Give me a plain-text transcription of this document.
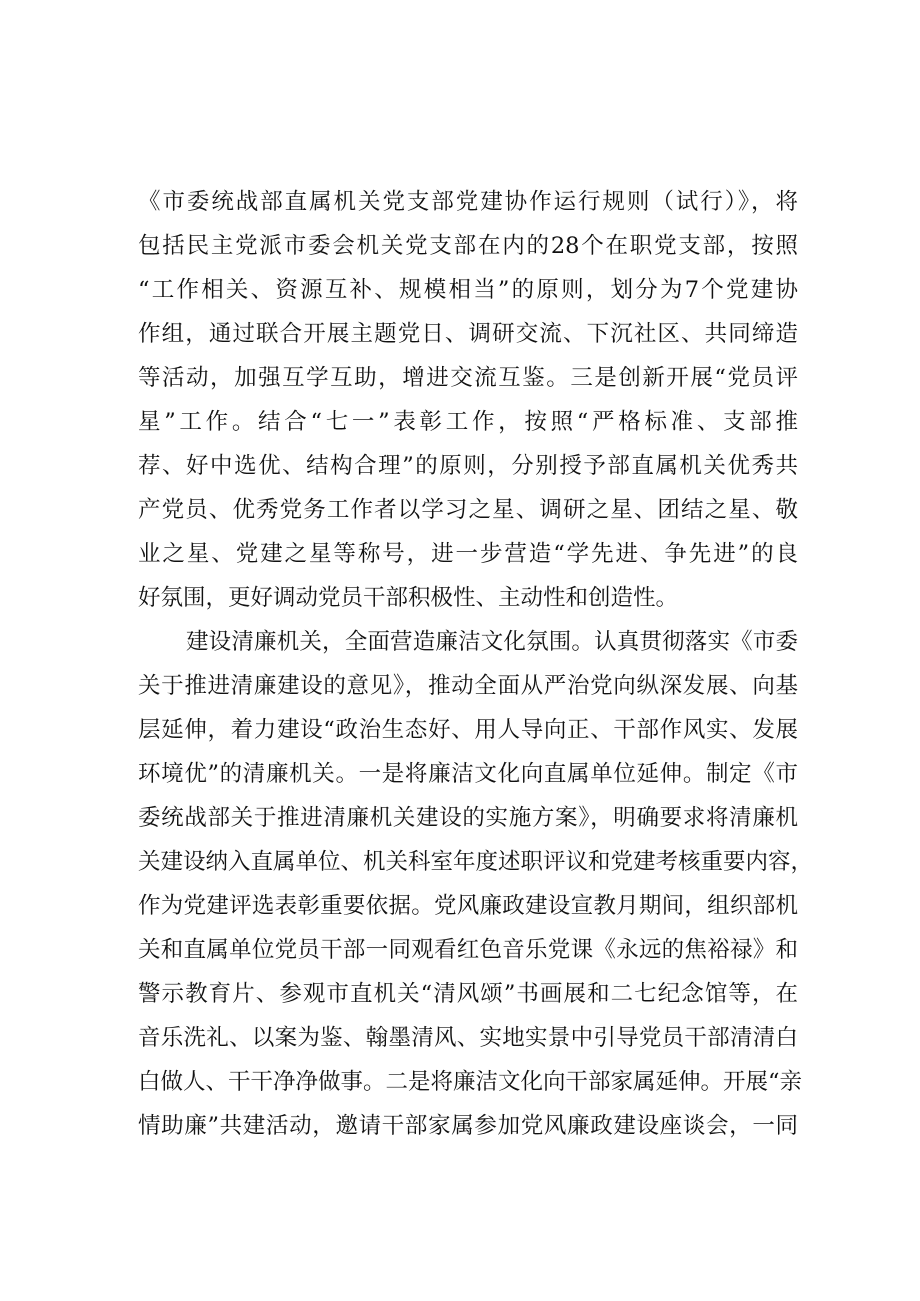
《市委统战部直属机关党支部党建协作运行规则（试行）》，将
包括民主党派市委会机关党支部在内的28个在职党支部，按照
“工作相关、资源互补、规模相当”的原则，划分为7个党建协
作组，通过联合开展主题党日、调研交流、下沉社区、共同缔造
等活动，加强互学互助，增进交流互鉴。三是创新开展“党员评
星”工作。结合“七一”表彰工作，按照“严格标准、支部推
荐、好中选优、结构合理”的原则，分别授予部直属机关优秀共
产党员、优秀党务工作者以学习之星、调研之星、团结之星、敬
业之星、党建之星等称号，进一步营造“学先进、争先进”的良
好氛围，更好调动党员干部积极性、主动性和创造性。
建设清廉机关，全面营造廉洁文化氛围。认真贯彻落实《市委
关于推进清廉建设的意见》，推动全面从严治党向纵深发展、向基
层延伸，着力建设“政治生态好、用人导向正、干部作风实、发展
环境优”的清廉机关。一是将廉洁文化向直属单位延伸。制定《市
委统战部关于推进清廉机关建设的实施方案》，明确要求将清廉机
关建设纳入直属单位、机关科室年度述职评议和党建考核重要内容，
作为党建评选表彰重要依据。党风廉政建设宣教月期间，组织部机
关和直属单位党员干部一同观看红色音乐党课《永远的焦裕禄》和
警示教育片、参观市直机关“清风颂”书画展和二七纪念馆等，在
音乐洗礼、以案为鉴、翰墨清风、实地实景中引导党员干部清清白
白做人、干干净净做事。二是将廉洁文化向干部家属延伸。开展“亲
情助廉”共建活动，邀请干部家属参加党风廉政建设座谈会，一同
